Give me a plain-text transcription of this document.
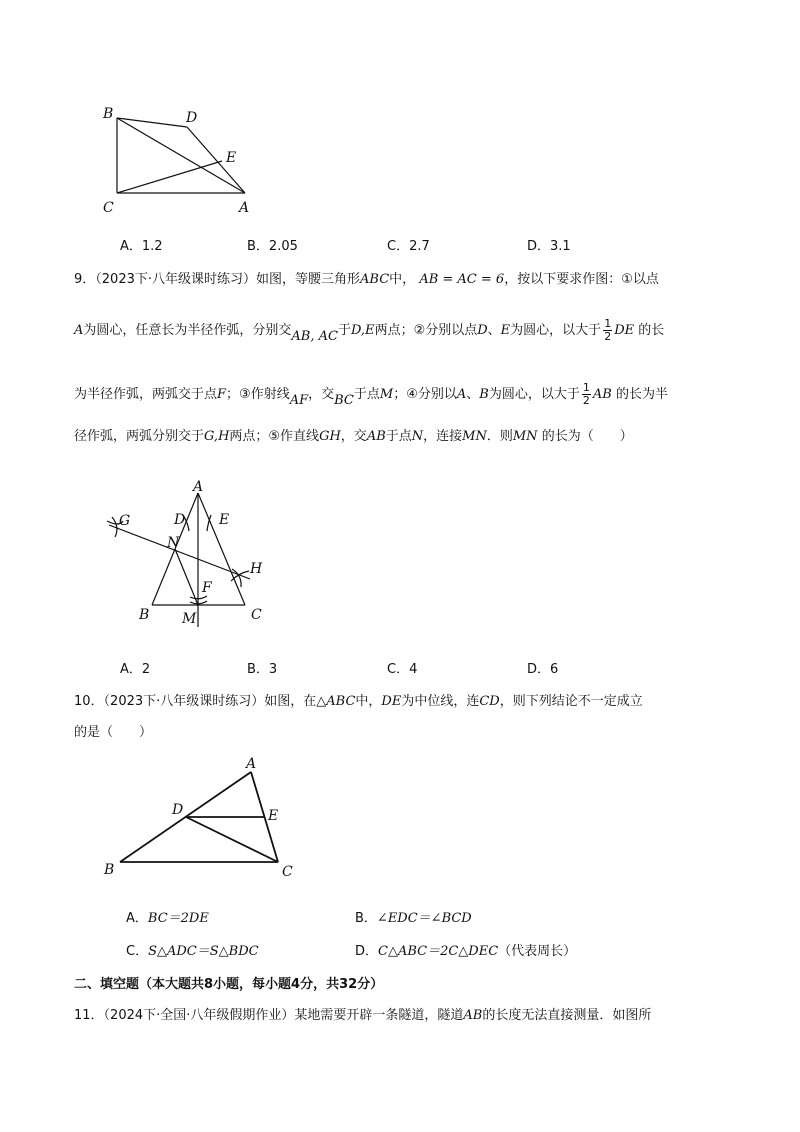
B	D
E
C	A
A．1.2	B．2.05	C．2.7	D．3.1
9．（2023下·八年级课时练习）如图，等腰三角形ABC中， AB = AC = 6，按以下要求作图：①以点
A为圆心，任意长为半径作弧，分别交AB, AC于D,E两点；②分别以点D、E为圆心，以大于 $\frac{1}{2}$ DE 的长
为半径作弧，两弧交于点F；③作射线AF，交BC于点M；④分别以A、B为圆心，以大于 $\frac{1}{2}$ AB 的长为半
径作弧，两弧分别交于G,H两点；⑤作直线GH，交AB于点N，连接MN．则MN 的长为（　　）
A
G	D E
N
H
F
B M	C
A．2	B．3	C．4	D．6
10．（2023下·八年级课时练习）如图，在△ABC中，DE为中位线，连CD，则下列结论不一定成立
的是（　　）
A
D	E
B	C
A．BC＝2DE	B．∠EDC＝∠BCD
C．S△ADC＝S△BDC	D．C△ABC＝2C△DEC（代表周长）
二、填空题（本大题共8小题，每小题4分，共32分）
11．（2024下·全国·八年级假期作业）某地需要开辟一条隧道，隧道AB的长度无法直接测量．如图所
